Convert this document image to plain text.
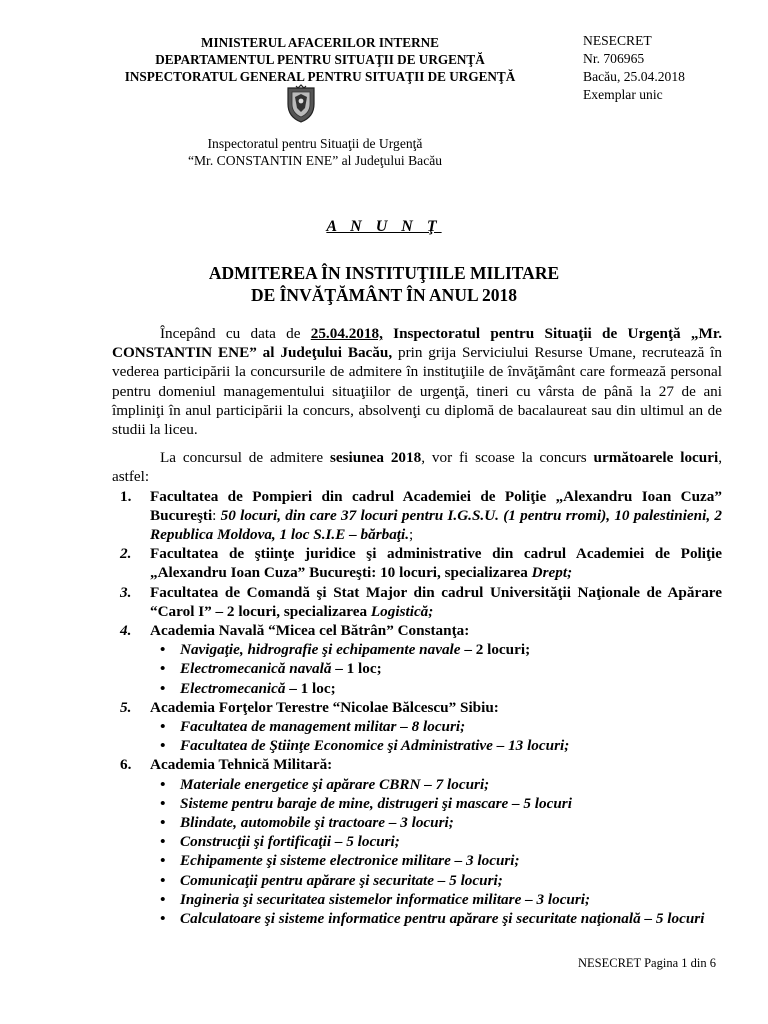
MINISTERUL AFACERILOR INTERNE
DEPARTAMENTUL PENTRU SITUAŢII DE URGENŢĂ
INSPECTORATUL GENERAL PENTRU SITUAŢII DE URGENŢĂ
NESECRET
Nr. 706965
Bacău, 25.04.2018
Exemplar unic
Inspectoratul pentru Situaţii de Urgenţă
“Mr. CONSTANTIN ENE” al Judeţului Bacău
A N U N Ţ
ADMITEREA ÎN INSTITUŢIILE MILITARE
DE ÎNVĂŢĂMÂNT ÎN ANUL 2018

Începând cu data de 25.04.2018, Inspectoratul pentru Situaţii de Urgenţă „Mr. CONSTANTIN ENE” al Judeţului Bacău, prin grija Serviciului Resurse Umane, recrutează în vederea participării la concursurile de admitere în instituţiile de învăţământ care formează personal pentru domeniul managementului situaţiilor de urgenţă, tineri cu vârsta de până la 27 de ani împliniţi în anul participării la concurs, absolvenţi cu diplomă de bacalaureat sau din ultimul an de studii la liceu.

La concursul de admitere sesiunea 2018, vor fi scoase la concurs următoarele locuri, astfel:

1. Facultatea de Pompieri din cadrul Academiei de Poliţie „Alexandru Ioan Cuza” Bucureşti: 50 locuri, din care 37 locuri pentru I.G.S.U. (1 pentru rromi), 10 palestinieni, 2 Republica Moldova, 1 loc S.I.E – bărbaţi.;
2. Facultatea de ştiinţe juridice şi administrative din cadrul Academiei de Poliţie „Alexandru Ioan Cuza” Bucureşti: 10 locuri, specializarea Drept;
3. Facultatea de Comandă şi Stat Major din cadrul Universităţii Naţionale de Apărare “Carol I” – 2 locuri, specializarea Logistică;
4. Academia Navală “Micea cel Bătrân” Constanţa:
• Navigaţie, hidrografie şi echipamente navale – 2 locuri;
• Electromecanică navală – 1 loc;
• Electromecanică – 1 loc;
5. Academia Forţelor Terestre “Nicolae Bălcescu” Sibiu:
• Facultatea de management militar – 8 locuri;
• Facultatea de Ştiinţe Economice şi Administrative – 13 locuri;
6. Academia Tehnică Militară:
• Materiale energetice şi apărare CBRN – 7 locuri;
• Sisteme pentru baraje de mine, distrugeri şi mascare – 5 locuri
• Blindate, automobile şi tractoare – 3 locuri;
• Construcţii şi fortificaţii – 5 locuri;
• Echipamente şi sisteme electronice militare – 3 locuri;
• Comunicaţii pentru apărare şi securitate – 5 locuri;
• Ingineria şi securitatea sistemelor informatice militare – 3 locuri;
• Calculatoare şi sisteme informatice pentru apărare şi securitate naţională – 5 locuri
NESECRET Pagina 1 din 6
